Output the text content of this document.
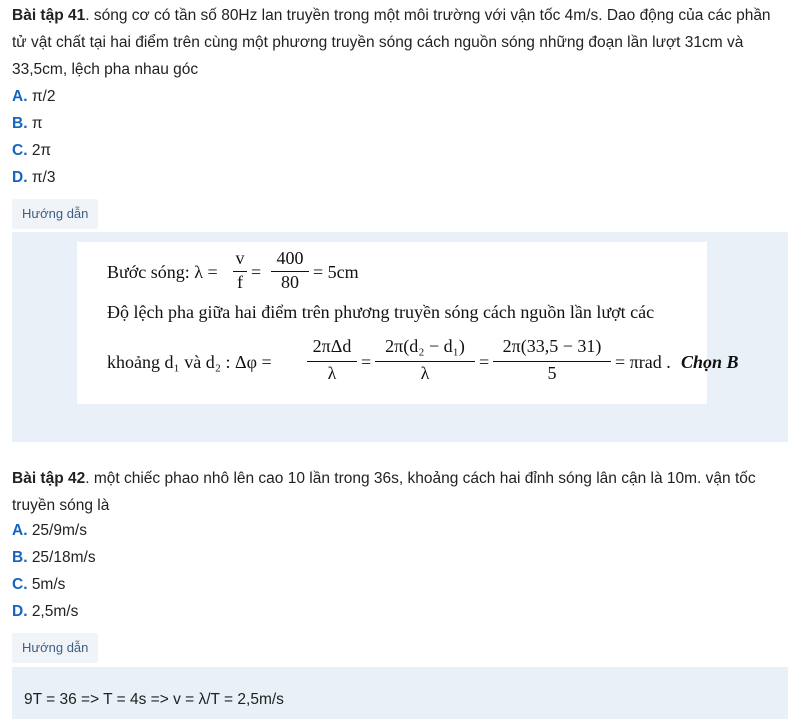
Bài tập 41. sóng cơ có tần số 80Hz lan truyền trong một môi trường với vận tốc 4m/s. Dao động của các phần tử vật chất tại hai điểm trên cùng một phương truyền sóng cách nguồn sóng những đoạn lần lượt 31cm và 33,5cm, lệch pha nhau góc
A. π/2
B. π
C. 2π
D. π/3
Hướng dẫn
Bước sóng: λ =
v
f =
400
80 = 5cm
Độ lệch pha giữa hai điểm trên phương truyền sóng cách nguồn lần lượt các
khoảng d₁ và d₂ : Δφ =
2πΔd
λ
=
2π(d₂ − d₁)
λ
=
2π(33,5 − 31)
5
= πrad . Chọn B
Bài tập 42. một chiếc phao nhô lên cao 10 lần trong 36s, khoảng cách hai đỉnh sóng lân cận là 10m. vận tốc truyền sóng là
A. 25/9m/s
B. 25/18m/s
C. 5m/s
D. 2,5m/s
Hướng dẫn
9T = 36 => T = 4s => v = λ/T = 2,5m/s
